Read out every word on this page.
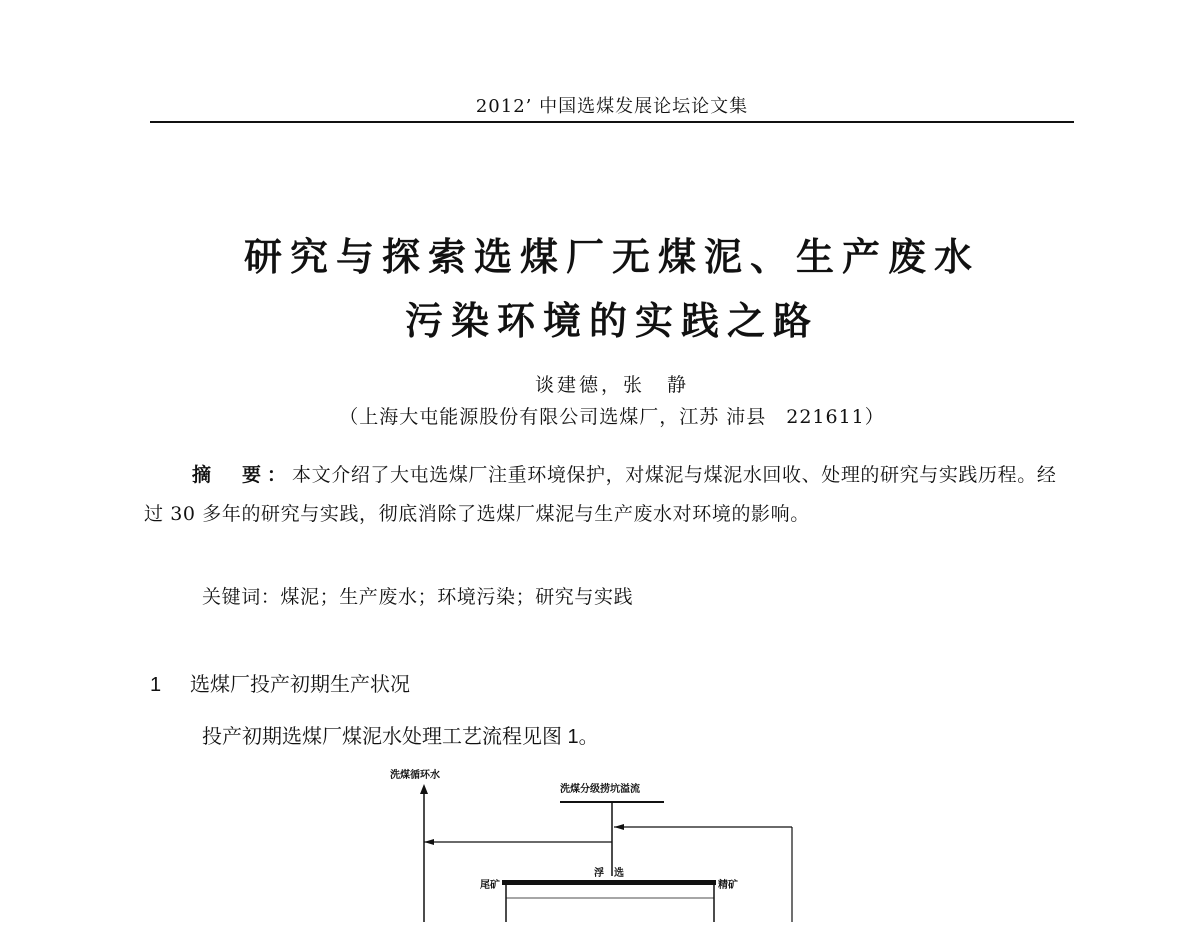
2012’ 中国选煤发展论坛论文集
研究与探索选煤厂无煤泥、生产废水
污染环境的实践之路
谈建德，张　静
（上海大屯能源股份有限公司选煤厂，江苏 沛县　221611）
摘　要：本文介绍了大屯选煤厂注重环境保护，对煤泥与煤泥水回收、处理的研究与实践历程。经过 30 多年的研究与实践，彻底消除了选煤厂煤泥与生产废水对环境的影响。
关键词：煤泥；生产废水；环境污染；研究与实践
1 选煤厂投产初期生产状况
投产初期选煤厂煤泥水处理工艺流程见图 1。
洗煤循环水
洗煤分级捞坑溢流
浮　选
尾矿	精矿
